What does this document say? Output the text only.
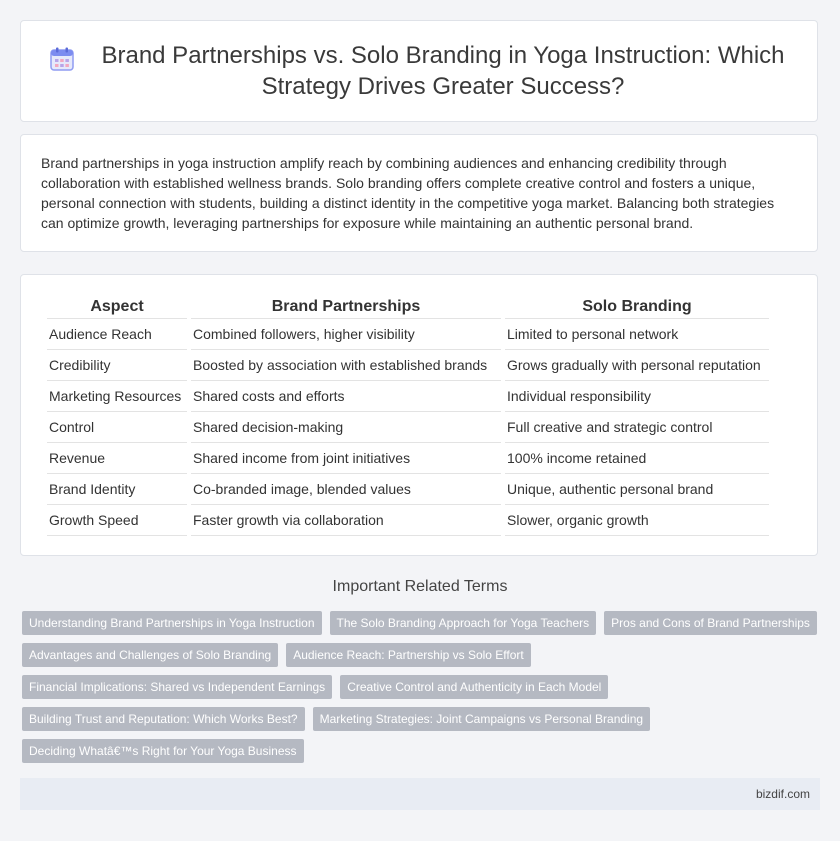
Brand Partnerships vs. Solo Branding in Yoga Instruction: Which Strategy Drives Greater Success?

Brand partnerships in yoga instruction amplify reach by combining audiences and enhancing credibility through collaboration with established wellness brands. Solo branding offers complete creative control and fosters a unique, personal connection with students, building a distinct identity in the competitive yoga market. Balancing both strategies can optimize growth, leveraging partnerships for exposure while maintaining an authentic personal brand.

Aspect	Brand Partnerships	Solo Branding
Audience Reach	Combined followers, higher visibility	Limited to personal network
Credibility	Boosted by association with established brands	Grows gradually with personal reputation
Marketing Resources	Shared costs and efforts	Individual responsibility
Control	Shared decision-making	Full creative and strategic control
Revenue	Shared income from joint initiatives	100% income retained
Brand Identity	Co-branded image, blended values	Unique, authentic personal brand
Growth Speed	Faster growth via collaboration	Slower, organic growth
Important Related Terms
Understanding Brand Partnerships in Yoga Instruction	The Solo Branding Approach for Yoga Teachers	Pros and Cons of Brand Partnerships
Advantages and Challenges of Solo Branding	Audience Reach: Partnership vs Solo Effort
Financial Implications: Shared vs Independent Earnings	Creative Control and Authenticity in Each Model
Building Trust and Reputation: Which Works Best?	Marketing Strategies: Joint Campaigns vs Personal Branding
Deciding Whatâ€™s Right for Your Yoga Business
bizdif.com
